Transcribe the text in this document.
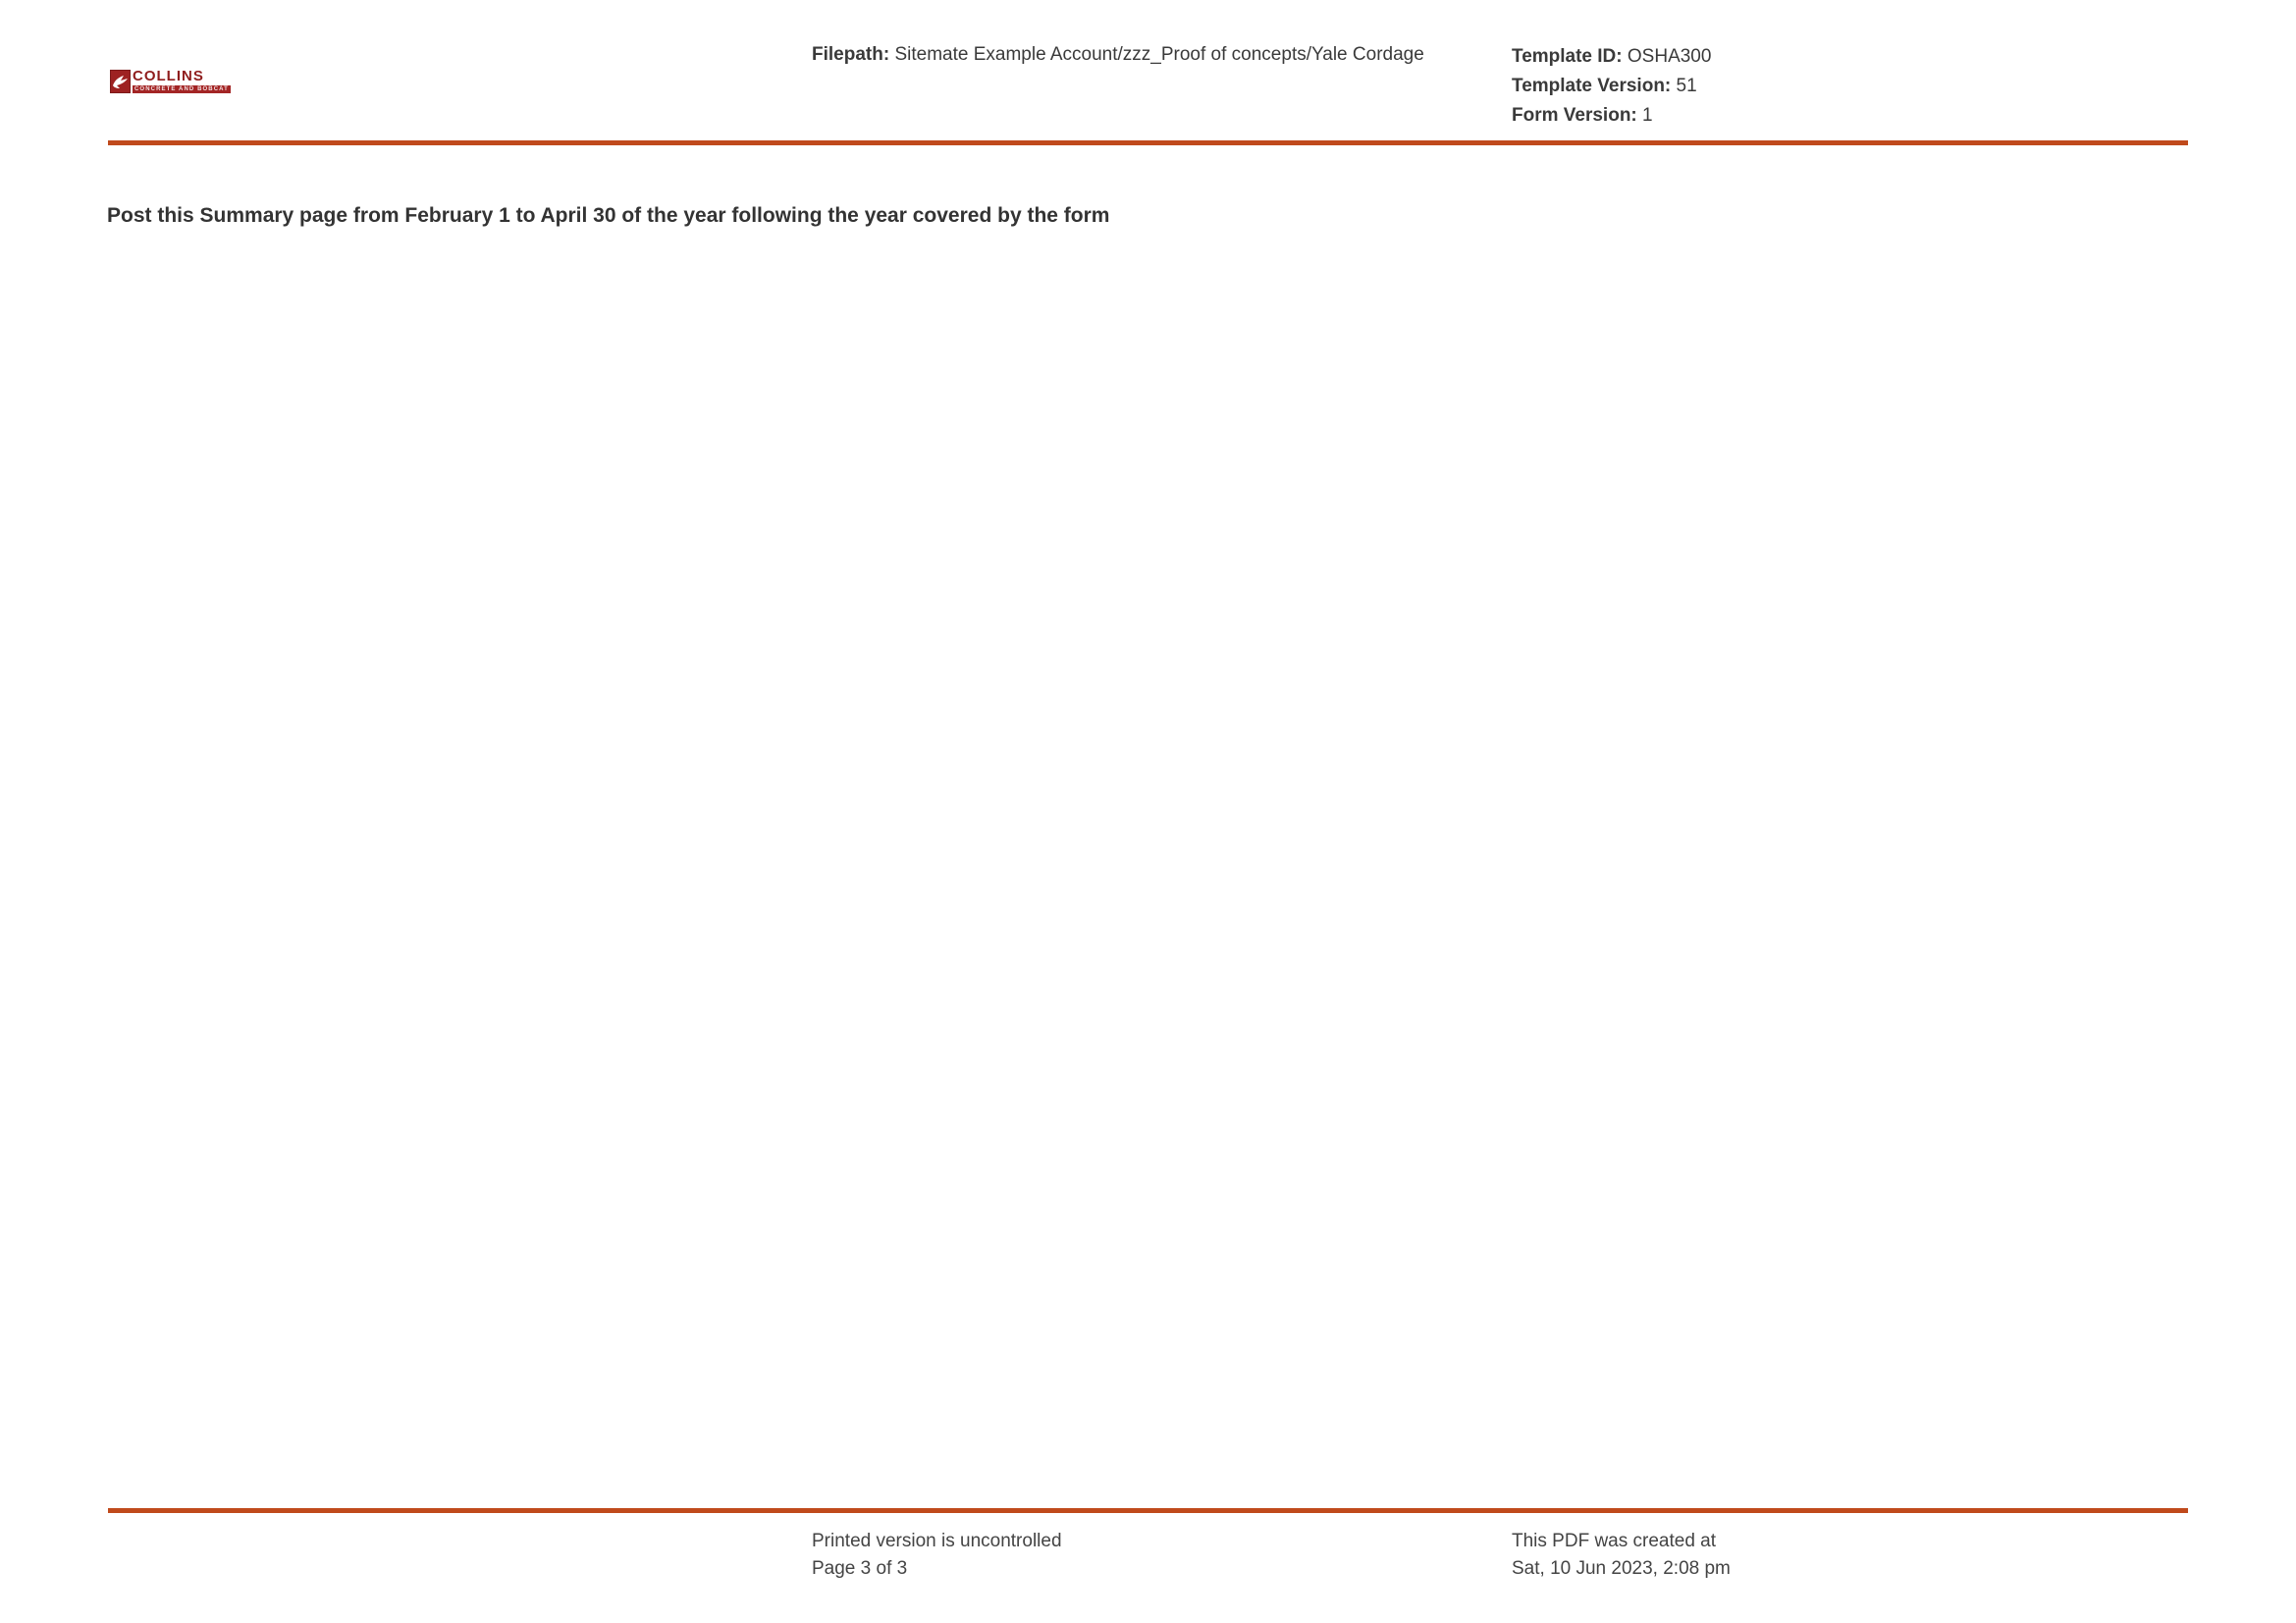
COLLINS
CONCRETE AND BOBCAT
Filepath: Sitemate Example Account/zzz_Proof of concepts/Yale Cordage	Template ID: OSHA300
Template Version: 51
Form Version: 1
Post this Summary page from February 1 to April 30 of the year following the year covered by the form
Printed version is uncontrolled
Page 3 of 3
This PDF was created at
Sat, 10 Jun 2023, 2:08 pm
